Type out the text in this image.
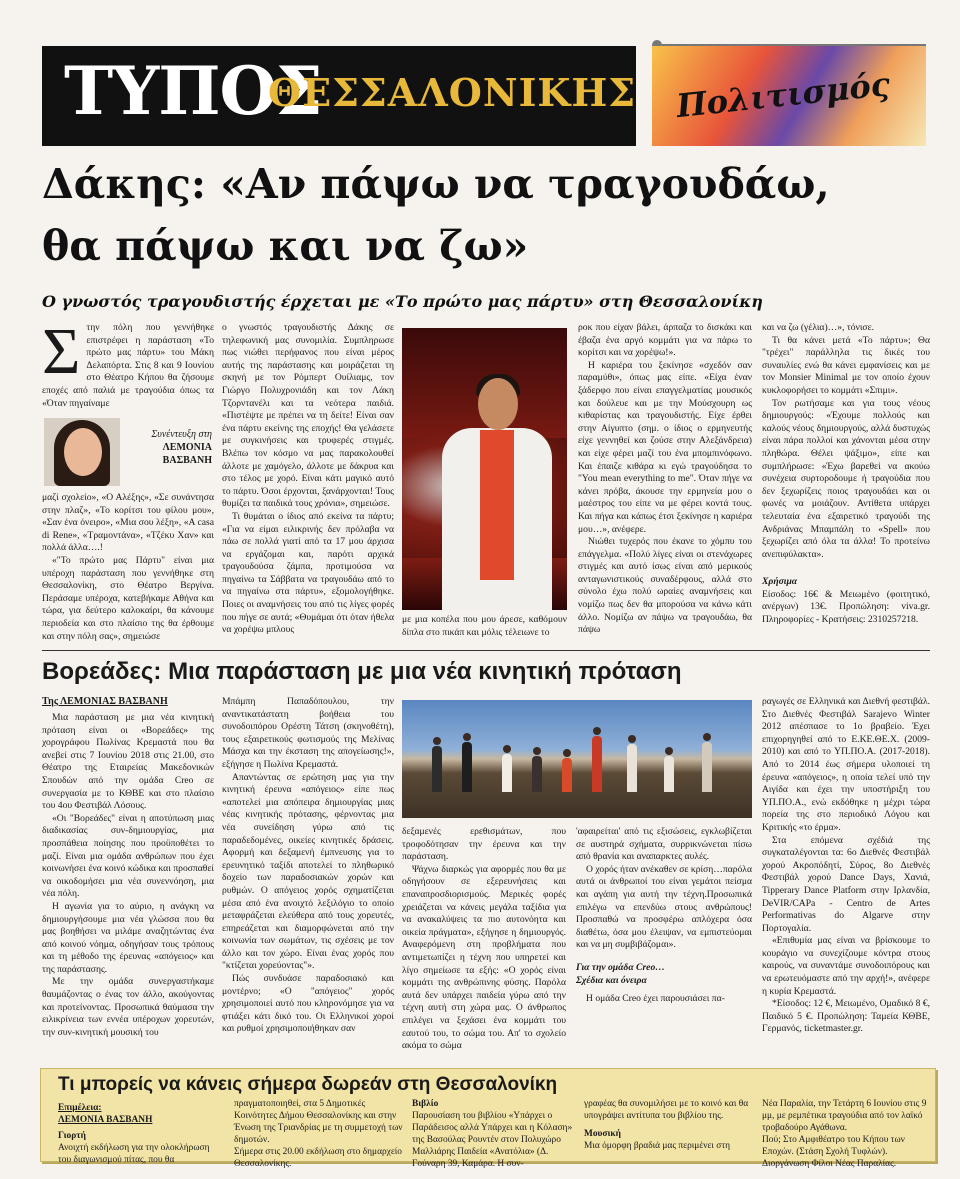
ΤΥΠΟΣ
ΘΕΣΣΑΛΟΝΙΚΗΣ Πολιτισμός
Δάκης: «Αν πάψω να τραγουδάω,
θα πάψω και να ζω»
Ο γνωστός τραγουδιστής έρχεται με «Το πρώτο μας πάρτυ» στη Θεσσαλονίκη
Σ την πόλη που γεννήθηκε επιστρέφει η παράσταση «Το πρώτο μας πάρτυ» του Μάκη Δελαπόρτα. Στις 8 και 9 Ιουνίου στο Θέατρο Κήπου θα ζήσουμε εποχές από παλιά με τραγούδια όπως τα «Όταν πηγαίναμε

Συνέντευξη στη
ΛΕΜΟΝΙΑ
ΒΑΣΒΑΝΗ

μαζί σχολείο», «Ο Αλέξης», «Σε συνάντησα στην πλαζ», «Το κορίτσι του φίλου μου», «Σαν ένα όνειρο», «Μια σου λέξη», «A casa di Rene», «Τραμοντάνα», «Τζέκυ Χαν» και πολλά άλλα….!

«"Το πρώτο μας Πάρτυ" είναι μια υπέροχη παράσταση που γεννήθηκε στη Θεσσαλονίκη, στο Θέατρο Βεργίνα. Περάσαμε υπέροχα, κατεβήκαμε Αθήνα και τώρα, για δεύτερο καλοκαίρι, θα κάνουμε περιοδεία και στο πλαίσιο της θα έρθουμε και στην πόλη σας», σημειώσε

ο γνωστός τραγουδιστής Δάκης σε τηλεφωνική μας συνομιλία. Συμπληρωσε πως νιώθει περήφανος που είναι μέρος αυτής της παράστασης και μοιράζεται τη σκηνή με τον Ρόμπερτ Ουίλιαμς, τον Γιώργο Πολυχρονιάδη και τον Λάκη Τζορντανέλι και τα νεότερα παιδιά. «Πιστέψτε με πρέπει να τη δείτε! Είναι σαν ένα πάρτυ εκείνης της εποχής! Θα γελάσετε με συγκινήσεις και τρυφερές στιγμές. Βλέπω τον κόσμο να μας παρακολουθεί άλλοτε με χαμόγελο, άλλοτε με δάκρυα και στο τέλος με χορό. Είναι κάτι μαγικό αυτό το πάρτυ. Όσοι έρχονται, ξανάρχονται! Τους θυμίζει τα παιδικά τους χρόνια», σημειώσε.

Τι θυμάται ο ίδιος από εκείνα τα πάρτυ; «Για να είμαι ειλικρινής δεν πρόλαβα να πάω σε πολλά γιατί από τα 17 μου άρχισα να εργάζομαι και, παρότι αρχικά τραγουδούσα ζάμπα, προτιμούσα να πηγαίνω τα Σάββατα να τραγουδάω από το να πηγαίνω στα πάρτυ», εξομολογήθηκε. Ποιες οι αναμνήσεις του από τις λίγες φορές που πήγε σε αυτά; «Θυμάμαι ότι όταν ήθελα να χορέψω μπλους

με μια κοπέλα που μου άρεσε, καθόμουν δίπλα στο πικάπ και μόλις τέλειωνε το

ροκ που είχαν βάλει, άρπαζα το δισκάκι και έβαζα ένα αργό κομμάτι για να πάρω το κορίτσι και να χορέψω!».

Η καριέρα του ξεκίνησε «σχεδόν σαν παραμύθι», όπως μας είπε. «Είχα έναν ξάδερφο που είναι επαγγελματίας μουσικός και δούλευε και με την Μούσχουρη ως κιθαρίστας και τραγουδιστής. Είχε έρθει στην Αίγυπτο (σημ. ο ίδιος ο ερμηνευτής είχε γεννηθεί και ζούσε στην Αλεξάνδρεια) και είχε φέρει μαζί του ένα μπομπινόφωνο. Και έπαιζε κιθάρα κι εγώ τραγούδησα το "You mean everything to me". Όταν πήγε να κάνει πρόβα, άκουσε την ερμηνεία μου ο μαέστρος του είπε να με φέρει κοντά τους. Και πήγα και κάπως έτσι ξεκίνησε η καριέρα μου…», ανέφερε.

Νιώθει τυχερός που έκανε το χόμπυ του επάγγελμα. «Πολύ λίγες είναι οι στενάχωρες στιγμές και αυτό ίσως είναι από μερικούς ανταγωνιστικούς συναδέρφους, αλλά στο σύνολο έχω πολύ ωραίες αναμνήσεις και νομίζω πως δεν θα μπορούσα να κάνω κάτι άλλο. Νομίζω αν πάψω να τραγουδάω, θα πάψω

και να ζω (γέλια)…», τόνισε.

Τι θα κάνει μετά «Το πάρτυ»; Θα "τρέχει" παράλληλα τις δικές του συναυλίες ενώ θα κάνει εμφανίσεις και με τον Monsier Minimal με τον οποίο έχουν κυκλοφορήσει το κομμάτι «Σπιμι».

Τον ρωτήσαμε και για τους νέους δημιουργούς: «Έχουμε πολλούς και καλούς νέους δημιουργούς, αλλά δυστυχώς είναι πάρα πολλοί και χάνονται μέσα στην πληθώρα. Θέλει ψάξιμο», είπε και συμπλήρωσε: «Έχω βαρεθεί να ακούω συνέχεια συρτοροδουμε ή τραγούδια που δεν ξεχωρίζεις ποιος τραγουδάει και οι φωνές να μοιάζουν. Αντίθετα υπάρχει τελευταία ένα εξαιρετικό τραγούδι της Ανδριάνας Μπαμπάλη το «Spell» που ξεχωρίζει από όλα τα άλλα! Το προτείνω ανεπιφύλακτα».

Χρήσιμα

Είσοδος: 16€ & Μειωμένο (φοιτητικό, ανέργων) 13€. Προπώληση: viva.gr. Πληροφορίες - Κρατήσεις: 2310257218.

Βορεάδες: Μια παράσταση με μια νέα κινητική πρόταση
Της ΛΕΜΟΝΙΑΣ ΒΑΣΒΑΝΗ

Μια παράσταση με μια νέα κινητική πρόταση είναι οι «Βορεάδες» της χορογράφου Πωλίνας Κρεμαστά που θα ανεβεί στις 7 Ιουνίου 2018 στις 21.00, στο Θέατρο της Εταιρείας Μακεδονικών Σπουδών από την ομάδα Creo σε συνεργασία με το ΚΘΒΕ και στο πλαίσιο του 4ου Φεστιβάλ Λόσους.

«Οι "Βορεάδες" είναι η αποτύπωση μιας διαδικασίας συν-δημιουργίας, μια προσπάθεια ποίησης που προϋποθέτει το μαζί. Είναι μια ομάδα ανθρώπων που έχει κοινωνήσει ένα κοινό κώδικα και προσπαθεί να οικοδομήσει μια νέα συνεννόηση, μια νέα πόλη.

Η αγωνία για το αύριο, η ανάγκη να δημιουργήσουμε μια νέα γλώσσα που θα μας βοηθήσει να μιλάμε αναζητώντας ένα από κοινού νόημα, οδηγήσαν τους τρόπους και τη μέθοδο της έρευνας «απόγειος» και της παράστασης.

Με την ομάδα συνεργαστήκαμε θαυμάζοντας ο ένας τον άλλο, ακούγοντας και προτείνοντας. Προσωπικά θαύμασα την ειλικρίνεια των εννέα υπέροχων χορευτών, την συν-κινητική μουσική του

Μπάμπη Παπαδόπουλου, την αναντικατάστατη βοήθεια του συνοδοιπόρου Ορέστη Τάτση (σκηνοθέτη), τους εξαιρετικούς φωτισμούς της Μελίνας Μάσχα και την έκσταση της απογείωσης!», εξήγησε η Πωλίνα Κρεμαστά.

Απαντώντας σε ερώτηση μας για την κινητική έρευνα «απόγειος» είπε πως «αποτελεί μια απόπειρα δημιουργίας μιας νέας κινητικής πρότασης, φέρνοντας μια νέα συνείδηση γύρω από τις παραδεδομένες, οικείες κινητικές δράσεις. Αφορμή και δεξαμενή έμπνευσης για το ερευνητικό ταξίδι αποτελεί το πληθωρικό δοχείο των παραδοσιακών χορών και ρυθμών. Ο απόγειος χορός σχηματίζεται μέσα από ένα ανοιχτό λεξιλόγιο το οποίο μεταφράζεται ελεύθερα από τους χορευτές, επηρεάζεται και διαμορφώνεται από την κοινωνία των σωμάτων, τις σχέσεις με τον άλλο και τον χώρο. Είναι ένας χορός που "κτίζεται χορεύοντας"».

Πώς συνδυάσε παραδοσιακό και μοντέρνο; «Ο "απόγειος" χορός χρησιμοποιεί αυτό που κληρονόμησε για να φτιάξει κάτι δικό του. Οι Ελληνικοί χοροί και ρυθμοί χρησιμοποιήθηκαν σαν

δεξαμενές ερεθισμάτων, που τροφοδότησαν την έρευνα και την παράσταση.

Ψάχνω διαρκώς για αφορμές που θα με οδηγήσουν σε εξερευνήσεις και επαναπροσδιορισμούς. Μερικές φορές χρειάζεται να κάνεις μεγάλα ταξίδια για να ανακαλύψεις τα πιο αυτονόητα και οικεία πράγματα», εξήγησε η δημιουργός. Αναφερόμενη στη προβλήματα που αντιμετωπίζει η τέχνη που υπηρετεί και λίγο σημείωσε τα εξής: «Ο χορός είναι κομμάτι της ανθρώπινης φύσης. Παρόλα αυτά δεν υπάρχει παιδεία γύρω από την τέχνη αυτή στη χώρα μας. Ο άνθρωπος επιλέγει να ξεχάσει ένα κομμάτι του εαυτού του, το σώμα του. Απ' το σχολείο ακόμα το σώμα

'αφαιρείται' από τις εξισώσεις, εγκλωβίζεται σε αυστηρά σχήματα, συρρικνώνεται πίσω από θρανία και αναπαρκτες αυλές.

Ο χορός ήταν ανέκαθεν σε κρίση…παρόλα αυτά οι άνθρωποί του είναι γεμάτοι πείσμα και αγάπη για αυτή την τέχνη.Προσωπικά επιλέγω να επενδύω στους ανθρώπους! Προσπαθώ να προσφέρω απλόχερα όσα διαθέτω, όσα μου έλειψαν, να εμπιστεύομαι και να μη συμβιβάζομαι».

Για την ομάδα Creo…

Σχέδια και όνειρα

Η ομάδα Creo έχει παρουσιάσει πα-

ραγωγές σε Ελληνικά και Διεθνή φεστιβάλ. Στο Διεθνές Φεστιβάλ Sarajevo Winter 2012 απέσπασε το 1ο βραβείο. Έχει επιχορηγηθεί από το Ε.ΚΕ.ΘΕ.Χ. (2009-2010) και από το ΥΠ.ΠΟ.Α. (2017-2018). Από το 2014 έως σήμερα υλοποιεί τη έρευνα «απόγειος», η οποία τελεί υπό την Αιγίδα και έχει την υποστήριξη του ΥΠ.ΠΟ.Α., ενώ εκδόθηκε η μέχρι τώρα πορεία της στο περιοδικό Λόγου και Κριτικής «το έρμα».

Στα επόμενα σχέδιά της συγκαταλέγονται τα: 6ο Διεθνές Φεστιβάλ χορού Ακροπόδητί, Σύρος, 8ο Διεθνές Φεστιβάλ χορού Dance Days, Χανιά, Tipperary Dance Platform στην Ιρλανδία, DeVIR/CAPa - Centro de Artes Performativas do Algarve στην Πορτογαλία.

«Επιθυμία μας είναι να βρίσκουμε το κουράγιο να συνεχίζουμε κόντρα στους καιρούς, να συναντάμε συνοδοιπόρους και να ερωτευόμαστε από την αρχή!», ανέφερε η κυρία Κρεμαστά.

*Είσοδος: 12 €, Μειωμένο, Ομαδικό 8 €, Παιδικό 5 €. Προπώληση: Ταμεία ΚΘΒΕ, Γερμανός, ticketmaster.gr.

Τι μπορείς να κάνεις σήμερα δωρεάν στη Θεσσαλονίκη
Επιμέλεια:
ΛΕΜΟΝΙΑ ΒΑΣΒΑΝΗ
Γιορτή
Ανοιχτή εκδήλωση για την ολοκλήρωση του διαγωνισμού πίτας, που θα
πραγματοποιηθεί, στα 5 Δημοτικές Κοινότητες Δήμου Θεσσαλονίκης και στην Ένωση της Τριανδρίας με τη συμμετοχή των δημοτών.
Σήμερα στις 20.00 εκδήλωση στο δημαρχείο Θεσσαλονίκης.
Βιβλίο
Παρουσίαση του βιβλίου «Υπάρχει ο Παράδεισος αλλά Υπάρχει και η Κόλαση» της Βασούλας Ρουντέν στον Πολυχώρο Μαλλιάρης Παιδεία «Ανατόλια» (Δ. Γούναρη 39, Καμάρα. Η συν-
γραφέας θα συνομιλήσει με το κοινό και θα υπογράψει αντίτυπα του βιβλίου της.
Μουσική
Μια όμορφη βραδιά μας περιμένει στη
Νέα Παραλία, την Τετάρτη 6 Ιουνίου στις 9 μμ, με ρεμπέτικα τραγούδια από τον λαϊκό τροβαδούρο Αγάθωνα.
Πού; Στο Αμφιθέατρο του Κήπου των Εποχών. (Στάση Σχολή Τυφλών).
Διοργάνωση Φίλοι Νέας Παραλίας.
